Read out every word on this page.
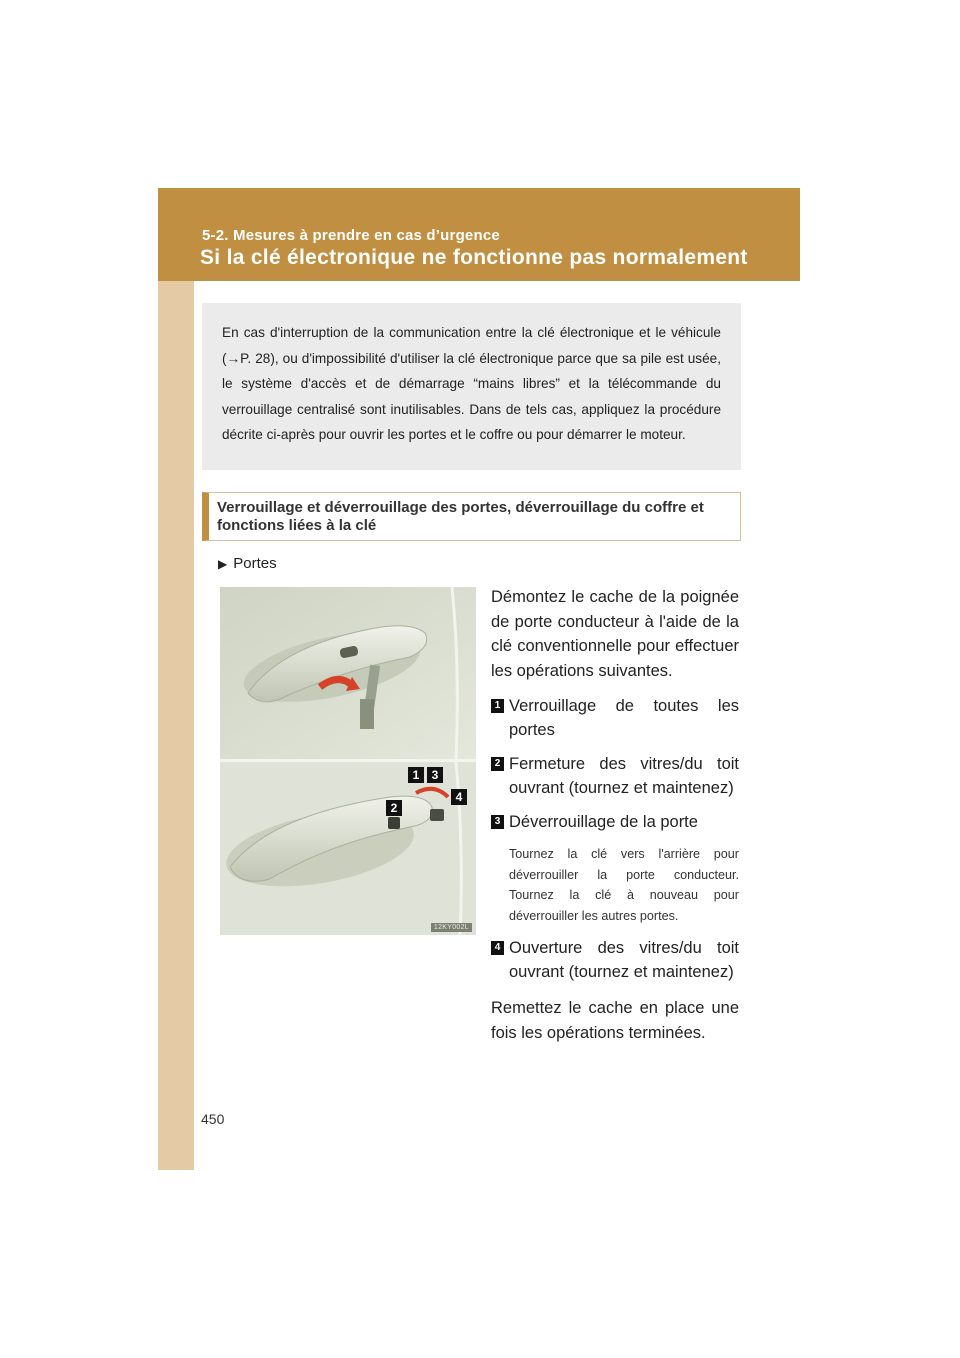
5-2. Mesures à prendre en cas d’urgence
Si la clé électronique ne fonctionne pas normalement

En cas d'interruption de la communication entre la clé électronique et le véhicule (→P. 28), ou d'impossibilité d'utiliser la clé électronique parce que sa pile est usée, le système d'accès et de démarrage “mains libres” et la télécommande du verrouillage centralisé sont inutilisables. Dans de tels cas, appliquez la procédure décrite ci-après pour ouvrir les portes et le coffre ou pour démarrer le moteur.

Verrouillage et déverrouillage des portes, déverrouillage du coffre et fonctions liées à la clé
▶ Portes
1	3
2
4
12KY002L

Démontez le cache de la poignée de porte conducteur à l'aide de la clé conventionnelle pour effectuer les opérations suivantes.

1 Verrouillage de toutes les portes
2 Fermeture des vitres/du toit ouvrant (tournez et maintenez)
3 Déverrouillage de la porte

Tournez la clé vers l'arrière pour déverrouiller la porte conducteur. Tournez la clé à nouveau pour déverrouiller les autres portes.

4 Ouverture des vitres/du toit ouvrant (tournez et maintenez)

Remettez le cache en place une fois les opérations terminées.

450
